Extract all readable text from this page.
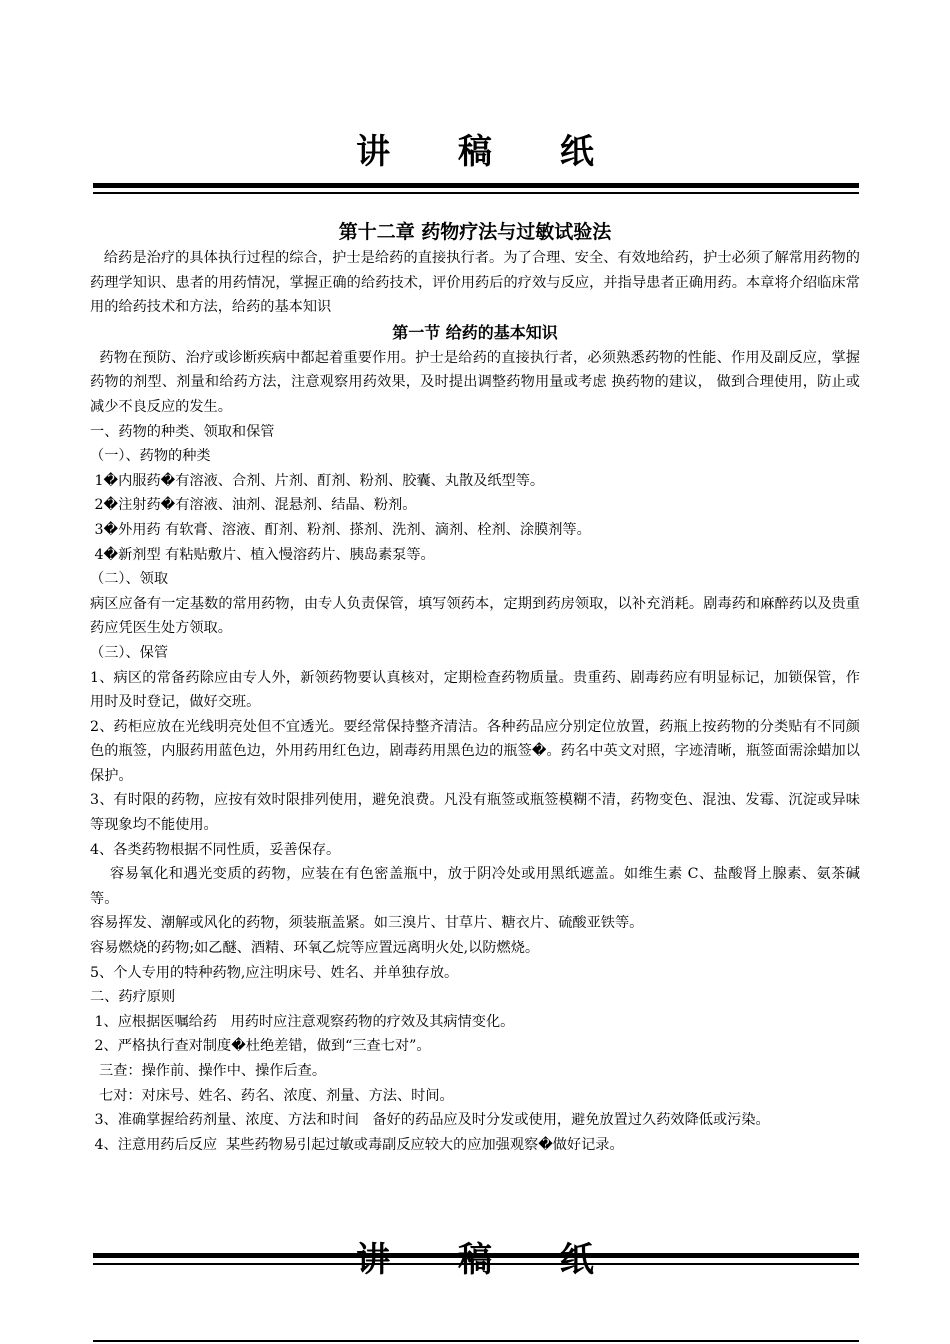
讲 稿 纸
第十二章 药物疗法与过敏试验法

给药是治疗的具体执行过程的综合，护士是给药的直接执行者。为了合理、安全、有效地给药，护士必须了解常用药物的药理学知识、患者的用药情况，掌握正确的给药技术，评价用药后的疗效与反应，并指导患者正确用药。本章将介绍临床常用的给药技术和方法，给药的基本知识

第一节 给药的基本知识

药物在预防、治疗或诊断疾病中都起着重要作用。护士是给药的直接执行者，必须熟悉药物的性能、作用及副反应，掌握药物的剂型、剂量和给药方法，注意观察用药效果，及时提出调整药物用量或考虑 换药物的建议， 做到合理使用，防止或减少不良反应的发生。

一、药物的种类、领取和保管

（一）、药物的种类

1�内服药�有溶液、合剂、片剂、酊剂、粉剂、胶囊、丸散及纸型等。

2�注射药�有溶液、油剂、混悬剂、结晶、粉剂。

3�外用药 有软膏、溶液、酊剂、粉剂、搽剂、洗剂、滴剂、栓剂、涂膜剂等。

4�新剂型 有粘贴敷片、植入慢溶药片、胰岛素泵等。

（二）、领取

病区应备有一定基数的常用药物，由专人负责保管，填写领药本，定期到药房领取，以补充消耗。剧毒药和麻醉药以及贵重药应凭医生处方领取。

（三）、保管

1、病区的常备药除应由专人外，新领药物要认真核对，定期检查药物质量。贵重药、剧毒药应有明显标记，加锁保管，作用时及时登记，做好交班。

2、药柜应放在光线明亮处但不宜透光。要经常保持整齐清洁。各种药品应分别定位放置，药瓶上按药物的分类贴有不同颜色的瓶签，内服药用蓝色边，外用药用红色边，剧毒药用黑色边的瓶签�。药名中英文对照，字迹清晰，瓶签面需涂蜡加以保护。

3、有时限的药物，应按有效时限排列使用，避免浪费。凡没有瓶签或瓶签模糊不清，药物变色、混浊、发霉、沉淀或异味等现象均不能使用。

4、各类药物根据不同性质，妥善保存。

容易氧化和遇光变质的药物，应装在有色密盖瓶中，放于阴冷处或用黑纸遮盖。如维生素 C、盐酸肾上腺素、氨茶碱等。

容易挥发、潮解或风化的药物，须装瓶盖紧。如三溴片、甘草片、糖衣片、硫酸亚铁等。

容易燃烧的药物;如乙醚、酒精、环氧乙烷等应置远离明火处,以防燃烧。

5、个人专用的特种药物,应注明床号、姓名、并单独存放。

二、药疗原则

1、应根据医嘱给药   用药时应注意观察药物的疗效及其病情变化。

2、严格执行查对制度�杜绝差错，做到“三查七对”。

三查：操作前、操作中、操作后查。

七对：对床号、姓名、药名、浓度、剂量、方法、时间。

3、准确掌握给药剂量、浓度、方法和时间   备好的药品应及时分发或使用，避免放置过久药效降低或污染。

4、注意用药后反应  某些药物易引起过敏或毒副反应较大的应加强观察�做好记录。

讲 稿 纸
